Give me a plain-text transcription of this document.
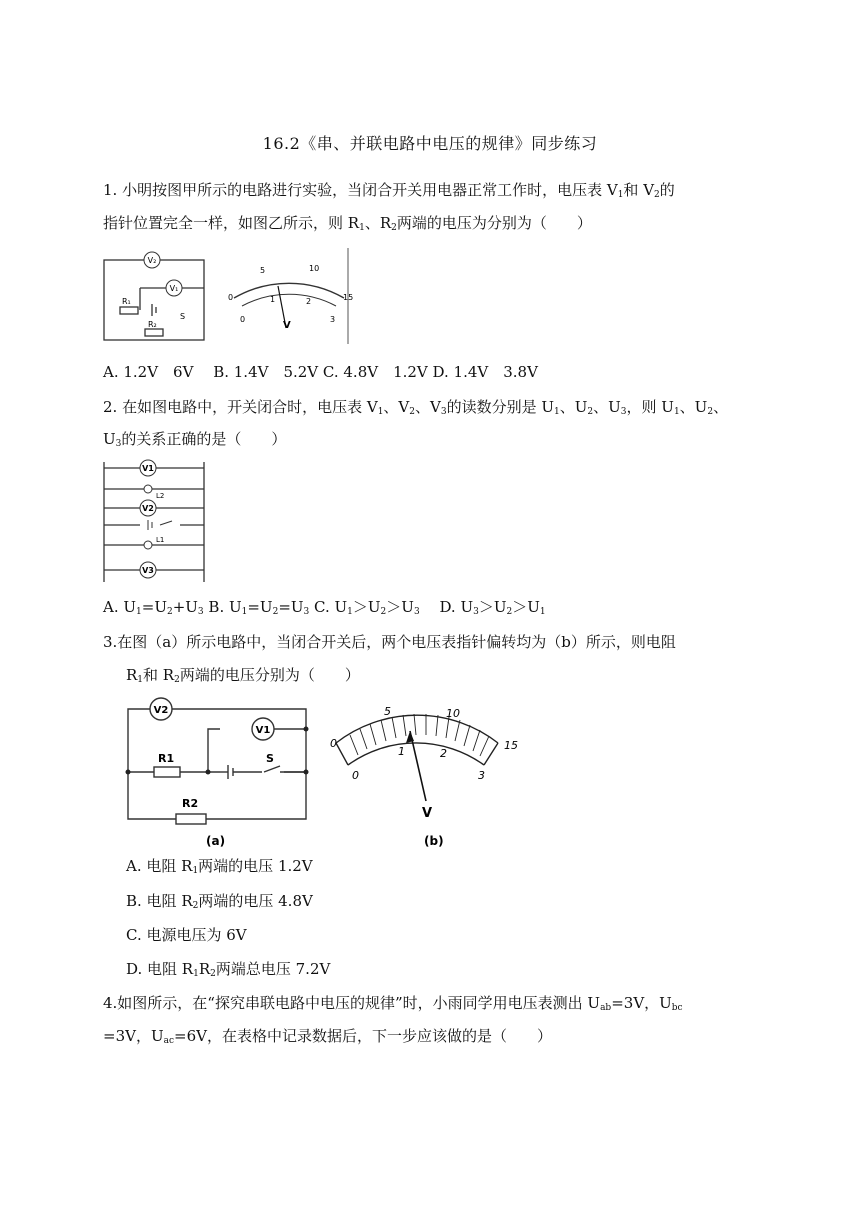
16.2《串、并联电路中电压的规律》同步练习
1. 小明按图甲所示的电路进行实验，当闭合开关用电器正常工作时，电压表 $V_1$和 $V_2$的
指针位置完全一样，如图乙所示，则 $R_1$、$R_2$两端的电压为分别为（　　）
V₂
V₁
R₁
R₂
S
0
5	10
15
0
1	2
3
V
A. 1.2V　6V　 B. 1.4V　5.2V C. 4.8V　1.2V D. 1.4V　3.8V
2. 在如图电路中，开关闭合时，电压表 $V_1$、$V_2$、$V_3$的读数分别是 $U_1$、$U_2$、$U_3$，则 $U_1$、$U_2$、
$U_3$的关系正确的是（　　）
V1
L2
V2
L1
V3
A. $U_1=U_2+U_3$ B. $U_1=U_2=U_3$ C. $U_1>U_2>U_3$　 D. $U_3>U_2>U_1$
3.在图（a）所示电路中，当闭合开关后，两个电压表指针偏转均为（b）所示，则电阻
$R_1$和 $R_2$两端的电压分别为（　　）
V2
V1
R1
R2
S
(a)
0
5	10
15
0
1	2
3
V
(b)
A. 电阻 $R_1$两端的电压 1.2V
B. 电阻 $R_2$两端的电压 4.8V
C. 电源电压为 6V
D. 电阻 $R_1R_2$两端总电压 7.2V
4.如图所示，在“探究串联电路中电压的规律”时，小雨同学用电压表测出 $U_{ab}=3V$，$U_{bc}$
=3V，$U_{ac}=6V$，在表格中记录数据后，下一步应该做的是（　　）
